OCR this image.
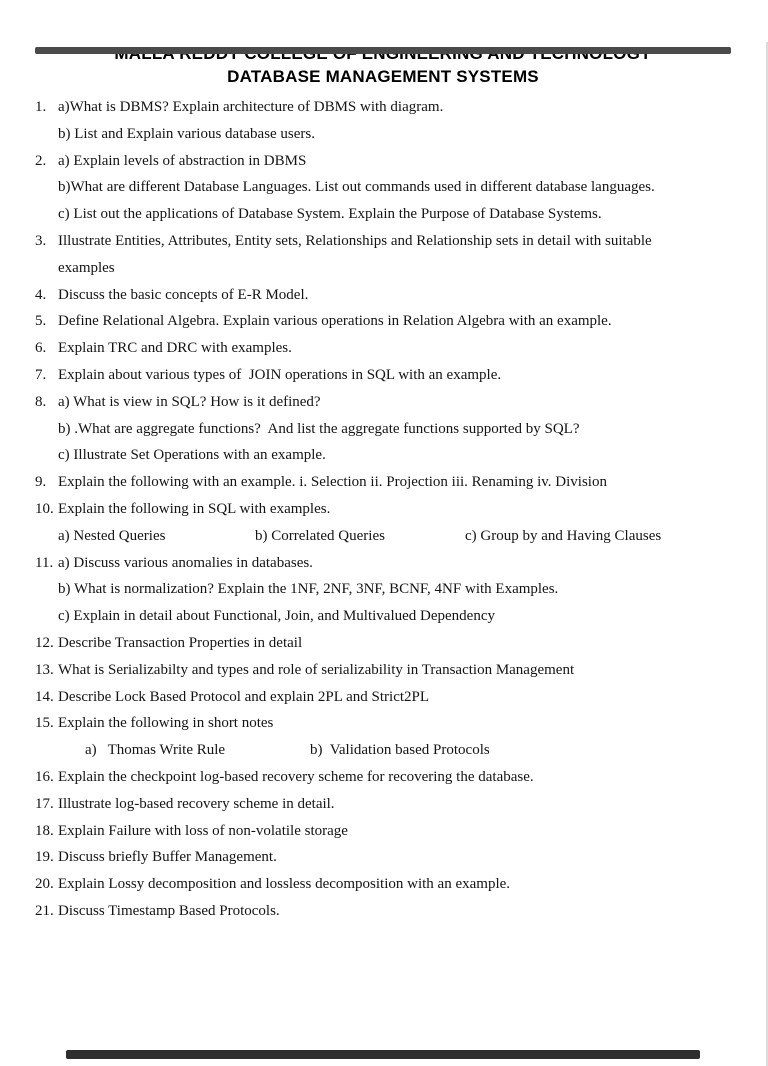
DATABASE MANAGEMENT SYSTEMS
1. a)What is DBMS? Explain architecture of DBMS with diagram.
b) List and Explain various database users.
2. a) Explain levels of abstraction in DBMS
b)What are different Database Languages. List out commands used in different database languages.
c) List out the applications of Database System. Explain the Purpose of Database Systems.
3. Illustrate Entities, Attributes, Entity sets, Relationships and Relationship sets in detail with suitable
examples
4. Discuss the basic concepts of E-R Model.
5. Define Relational Algebra. Explain various operations in Relation Algebra with an example.
6. Explain TRC and DRC with examples.
7. Explain about various types of  JOIN operations in SQL with an example.
8. a) What is view in SQL? How is it defined?
b) .What are aggregate functions?  And list the aggregate functions supported by SQL?
c) Illustrate Set Operations with an example.
9. Explain the following with an example. i. Selection ii. Projection iii. Renaming iv. Division
10. Explain the following in SQL with examples.
a) Nested Queries	b) Correlated Queries	c) Group by and Having Clauses
11. a) Discuss various anomalies in databases.
b) What is normalization? Explain the 1NF, 2NF, 3NF, BCNF, 4NF with Examples.
c) Explain in detail about Functional, Join, and Multivalued Dependency
12. Describe Transaction Properties in detail
13. What is Serializabilty and types and role of serializability in Transaction Management
14. Describe Lock Based Protocol and explain 2PL and Strict2PL
15. Explain the following in short notes
a)   Thomas Write Rule	b)  Validation based Protocols
16. Explain the checkpoint log-based recovery scheme for recovering the database.
17. Illustrate log-based recovery scheme in detail.
18. Explain Failure with loss of non-volatile storage
19. Discuss briefly Buffer Management.
20. Explain Lossy decomposition and lossless decomposition with an example.
21. Discuss Timestamp Based Protocols.
